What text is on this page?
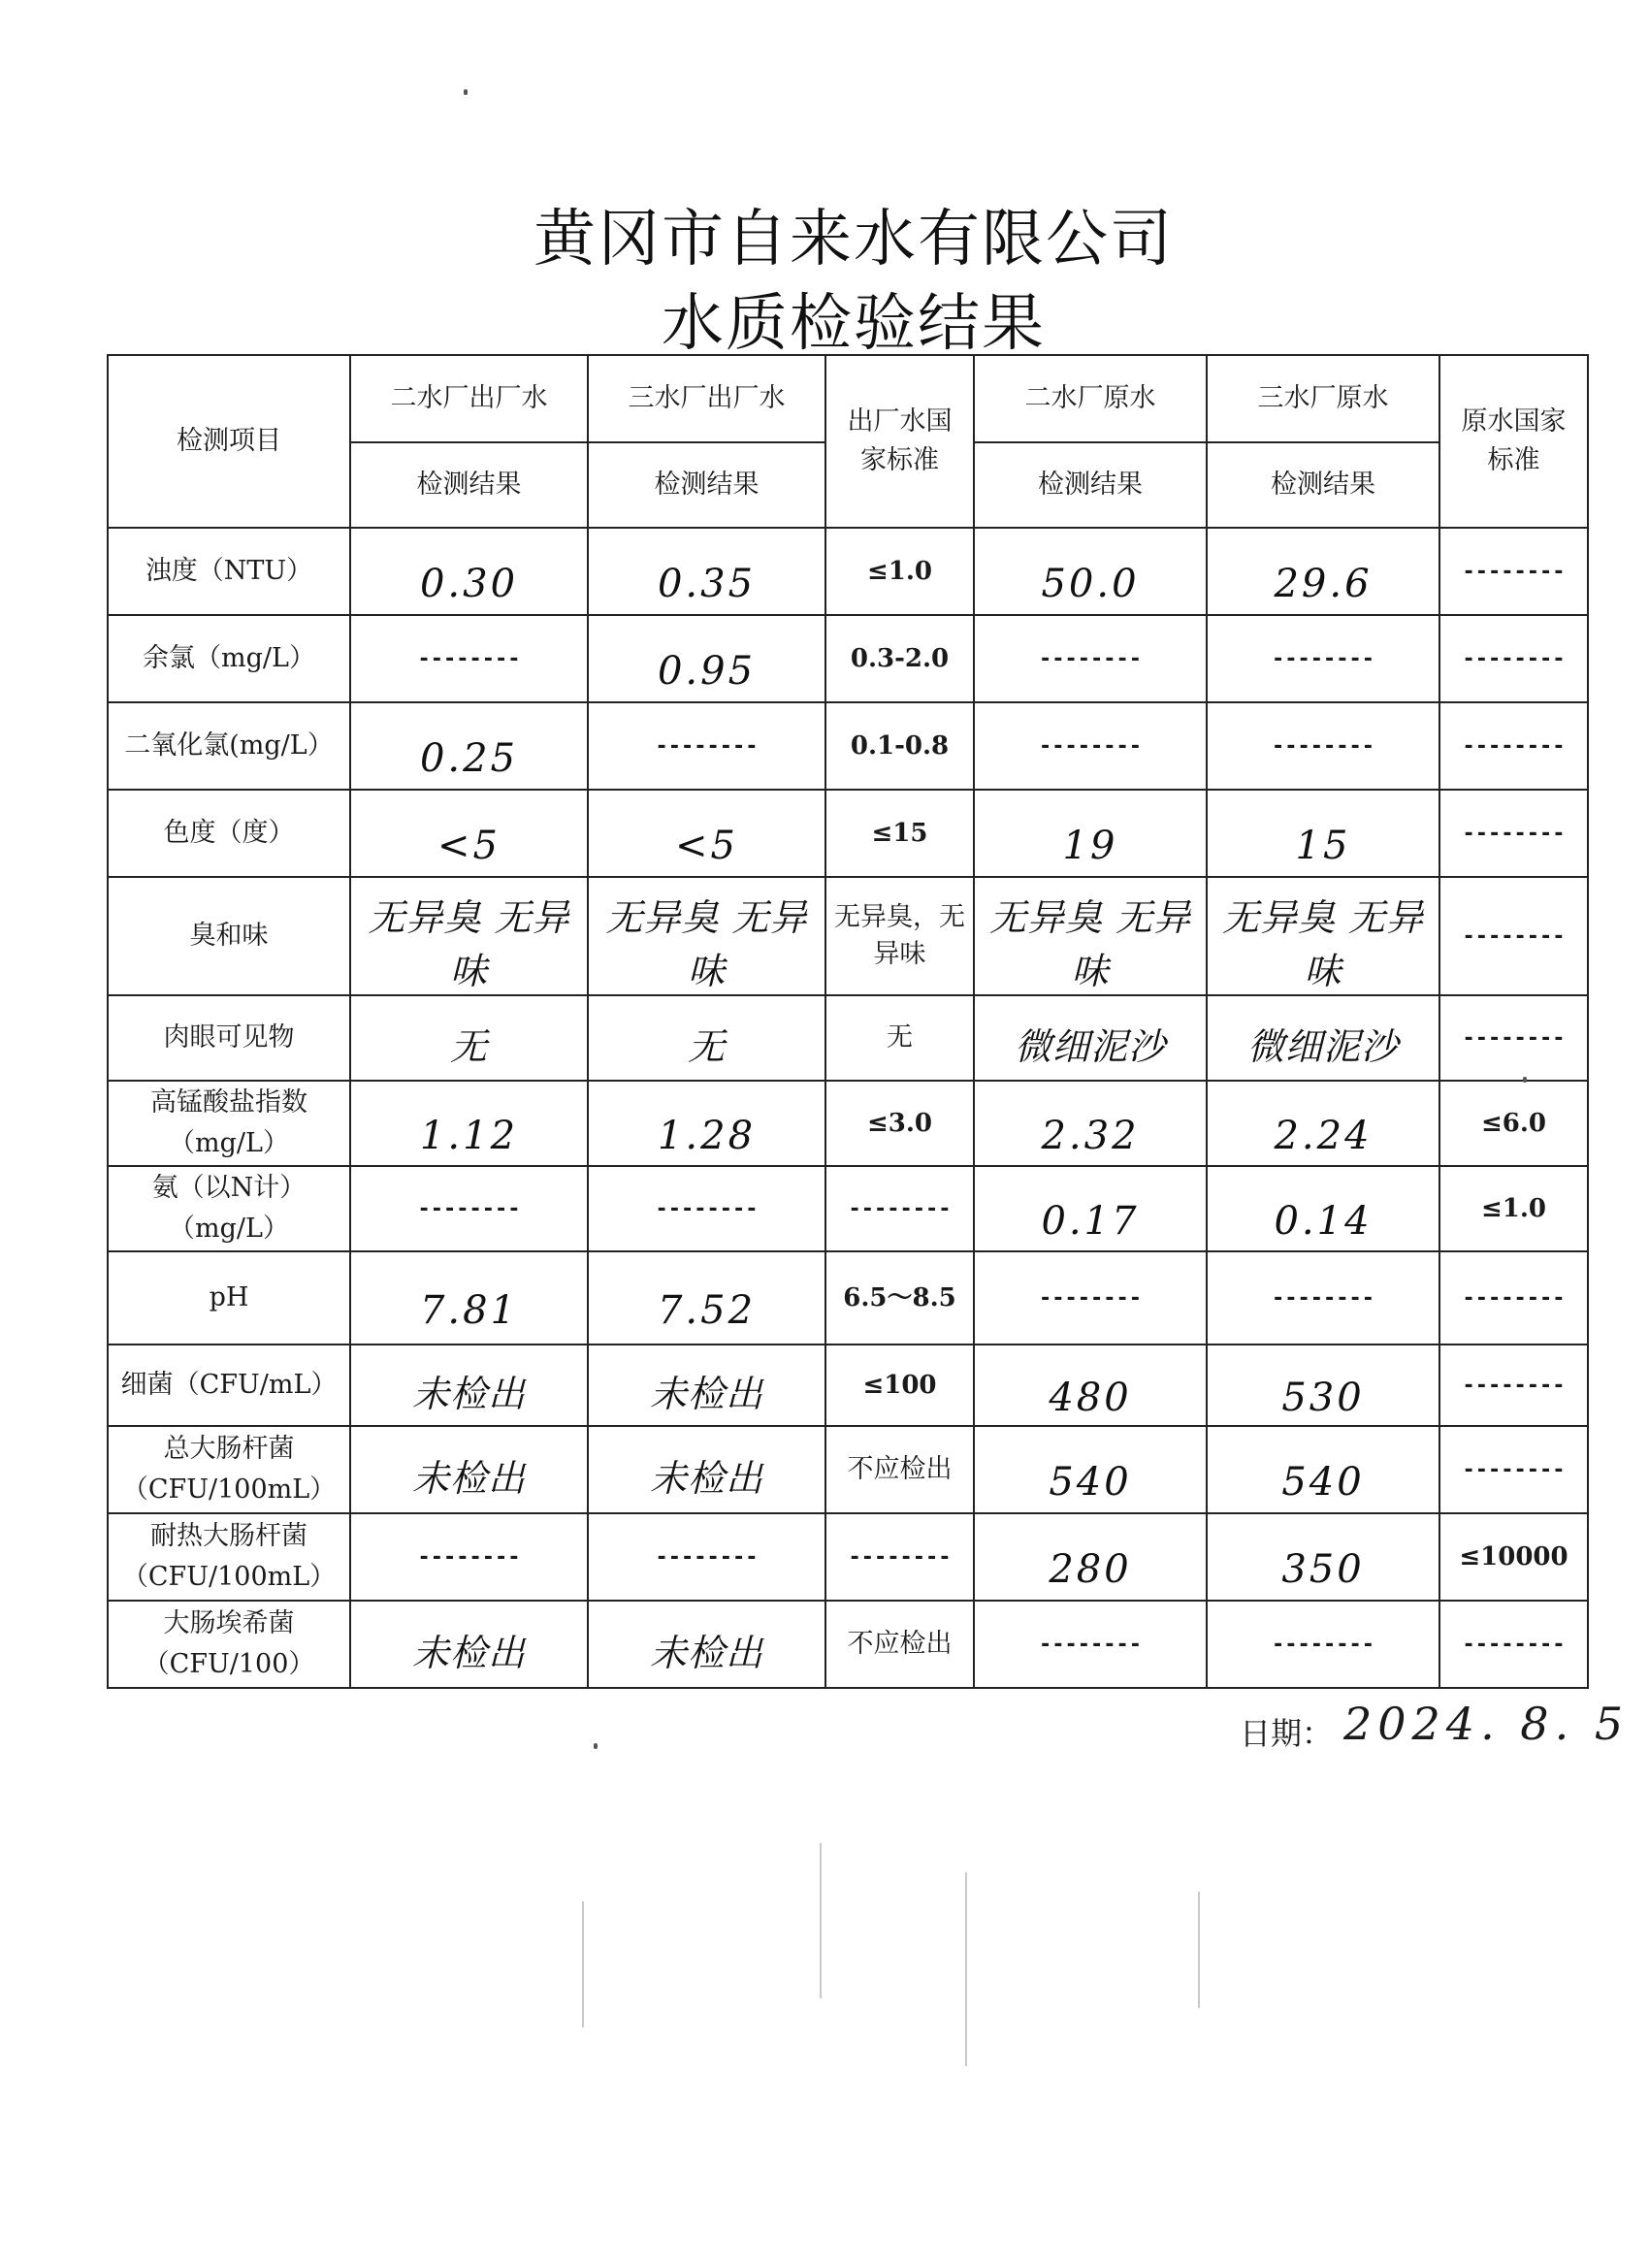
黄冈市自来水有限公司
水质检验结果
检测项目	二水厂出厂水	三水厂出厂水	出厂水国家标准	二水厂原水	三水厂原水	原水国家标准
	检测结果	检测结果		检测结果	检测结果	
浊度（NTU）	0.30	0.35	≤1.0	50.0	29.6	--------
余氯（mg/L）	--------	0.95	0.3-2.0	--------	--------	--------
二氧化氯(mg/L）	0.25	--------	0.1-0.8	--------	--------	--------
色度（度）	<5	<5	≤15	19	15	--------
臭和味	无异臭 无异味	无异臭 无异味	无异臭，无异味	无异臭 无异味	无异臭 无异味	--------
肉眼可见物	无	无	无	微细泥沙	微细泥沙	--------
高锰酸盐指数（mg/L）	1.12	1.28	≤3.0	2.32	2.24	≤6.0
氨（以N计）（mg/L）	--------	--------	--------	0.17	0.14	≤1.0
pH	7.81	7.52	6.5～8.5	--------	--------	--------
细菌（CFU/mL）	未检出	未检出	≤100	480	530	--------
总大肠杆菌（CFU/100mL）	未检出	未检出	不应检出	540	540	--------
耐热大肠杆菌（CFU/100mL）	--------	--------	--------	280	350	≤10000
大肠埃希菌（CFU/100）	未检出	未检出	不应检出	--------	--------	--------
日期： 2024. 8. 5
